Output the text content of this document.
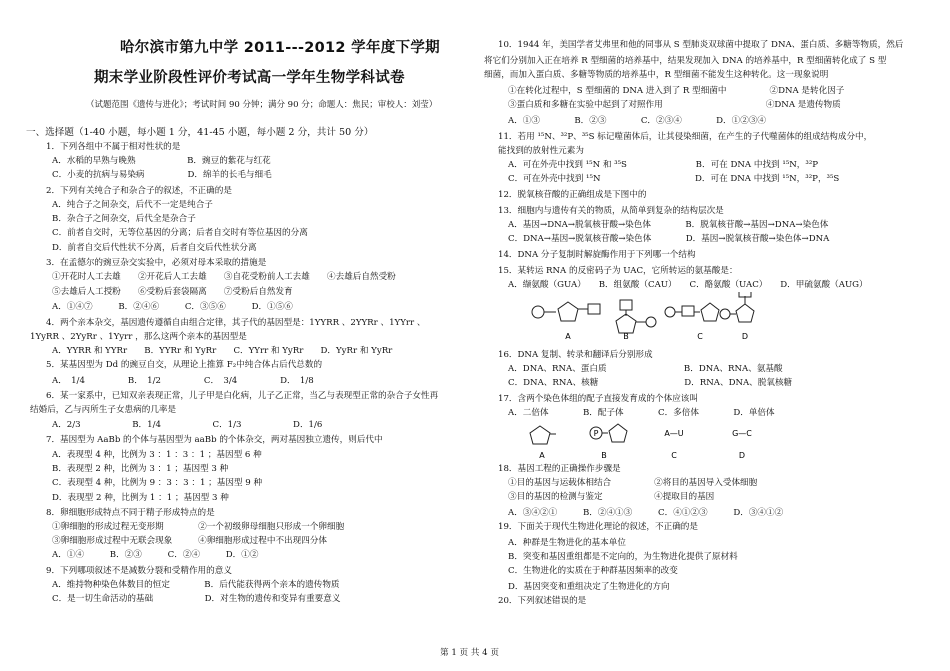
哈尔滨市第九中学 2011---2012 学年度下学期
期末学业阶段性评价考试高一学年生物学科试卷
（试题范围《遗传与进化》；考试时间 90 分钟；满分 90 分；命题人：焦民；审校人：刘莹）
一、选择题（1-40 小题，每小题 1 分，41-45 小题，每小题 2 分，共计 50 分）
1．下列各组中不属于相对性状的是
A．水稻的早熟与晚熟　　　　　　B．豌豆的紫花与红花
C．小麦的抗病与易染病　　　　　D．绵羊的长毛与细毛
2．下列有关纯合子和杂合子的叙述，不正确的是
A．纯合子之间杂交，后代不一定是纯合子
B．杂合子之间杂交，后代全是杂合子
C．前者自交时，无等位基因的分离；后者自交时有等位基因的分离
D．前者自交后代性状不分离，后者自交后代性状分离
3．在孟德尔的豌豆杂交实验中，必须对母本采取的措施是
①开花时人工去雄　　②开花后人工去雄　　③自花受粉前人工去雄　　④去雄后自然受粉
⑤去雄后人工授粉　　⑥受粉后套袋隔离　　⑦受粉后自然发育
A．①④⑦　　　B．②④⑥　　　C．③⑤⑥　　　D．①⑤⑥
4．两个亲本杂交，基因遗传遵循自由组合定律，其子代的基因型是：1YYRR 、2YYRr 、1YYrr 、
1YyRR 、2YyRr 、1Yyrr ，那么这两个亲本的基因型是
A．YYRR 和 YYRr　　B．YYRr 和 YyRr　　C．YYrr 和 YyRr　　D．YyRr 和 YyRr
5．某基因型为 Dd 的豌豆自交，从理论上推算 F₂中纯合体占后代总数的
A．　1/4　　　　　B．　1/2　　　　　C．　3/4　　　　　D．　1/8
6．某一家系中，已知双亲表现正常，儿子甲是白化病，儿子乙正常，当乙与表现型正常的杂合子女性再
结婚后，乙与丙所生子女患病的几率是
A．2/3　　　　　　B．1/4　　　　　　C．1/3　　　　　　D．1/6
7．基因型为 AaBb 的个体与基因型为 aaBb 的个体杂交，两对基因独立遗传，则后代中
A．表现型 4 种，比例为 3 ：1 ：3 ：1 ；基因型 6 种
B．表现型 2 种，比例为 3 ：1 ；基因型 3 种
C．表现型 4 种，比例为 9 ：3 ：3 ：1 ；基因型 9 种
D．表现型 2 种，比例为 1 ：1 ；基因型 3 种
8．卵细胞形成特点不同于精子形成特点的是
①卵细胞的形成过程无变形期　　　　②一个初级卵母细胞只形成一个卵细胞
③卵细胞形成过程中无联会现象　　　④卵细胞形成过程中不出现四分体
A．①④　　　B．②③　　　C．②④　　　D．①②
9．下列哪项叙述不是减数分裂和受精作用的意义
A．维持物种染色体数目的恒定　　　　B．后代能获得两个亲本的遗传物质
C．是一切生命活动的基础　　　　　　D．对生物的遗传和变异有重要意义
10．1944 年，美国学者艾弗里和他的同事从 S 型肺炎双球菌中提取了 DNA、蛋白质、多糖等物质，然后
将它们分别加入正在培养 R 型细菌的培养基中，结果发现加入 DNA 的培养基中，R 型细菌转化成了 S 型
细菌，而加入蛋白质、多糖等物质的培养基中，R 型细菌不能发生这种转化。这一现象说明
①在转化过程中，S 型细菌的 DNA 进入到了 R 型细菌中　　　　　②DNA 是转化因子
③蛋白质和多糖在实验中起到了对照作用　　　　　　　　　　　　④DNA 是遗传物质
A．①③　　　　B．②③　　　　C．②③④　　　　D．①②③④
11．若用 ¹⁵N、³²P、³⁵S 标记噬菌体后，让其侵染细菌，在产生的子代噬菌体的组成结构成分中，
能找到的放射性元素为
A．可在外壳中找到 ¹⁵N 和 ³⁵S　　　　　　　　B．可在 DNA 中找到 ¹⁵N，³²P
C．可在外壳中找到 ¹⁵N　　　　　　　　　　　D．可在 DNA 中找到 ¹⁵N，³²P，³⁵S
12．脱氧核苷酸的正确组成是下图中的
13．细胞内与遗传有关的物质，从简单到复杂的结构层次是
A．基因→DNA→脱氧核苷酸→染色体　　　　B．脱氧核苷酸→基因→DNA→染色体
C．DNA→基因→脱氧核苷酸→染色体　　　　D．基因→脱氧核苷酸→染色体→DNA
14．DNA 分子复制时解旋酶作用于下列哪一个结构
15．某转运 RNA 的反密码子为 UAC，它所转运的氨基酸是：
A．缬氨酸（GUA）　　B．组氨酸（CAU）　　C．酪氨酸（UAC）　　D．甲硫氨酸（AUG）
16．DNA 复制、转录和翻译后分别形成
A．DNA、RNA、蛋白质　　　　　　　　　B．DNA、RNA、氨基酸
C．DNA、RNA、核糖　　　　　　　　　　D．RNA、DNA、脱氧核糖
17．含两个染色体组的配子直接发育成的个体应该叫
A．二倍体　　　　B．配子体　　　　C．多倍体　　　　D．单倍体
18．基因工程的正确操作步骤是
①目的基因与运载体相结合　　　　　②将目的基因导入受体细胞
③目的基因的检测与鉴定　　　　　　④提取目的基因
A．③④②①　　　B．②④①③　　　C．④①②③　　　D．③④①②
19．下面关于现代生物进化理论的叙述，不正确的是
A．种群是生物进化的基本单位
B．突变和基因重组都是不定向的，为生物进化提供了原材料
C．生物进化的实质在于种群基因频率的改变
D．基因突变和重组决定了生物进化的方向
20．下列叙述错误的是
A	B	C	D
P	A—U	G—C
A	B	C	D
第 1 页 共 4 页
